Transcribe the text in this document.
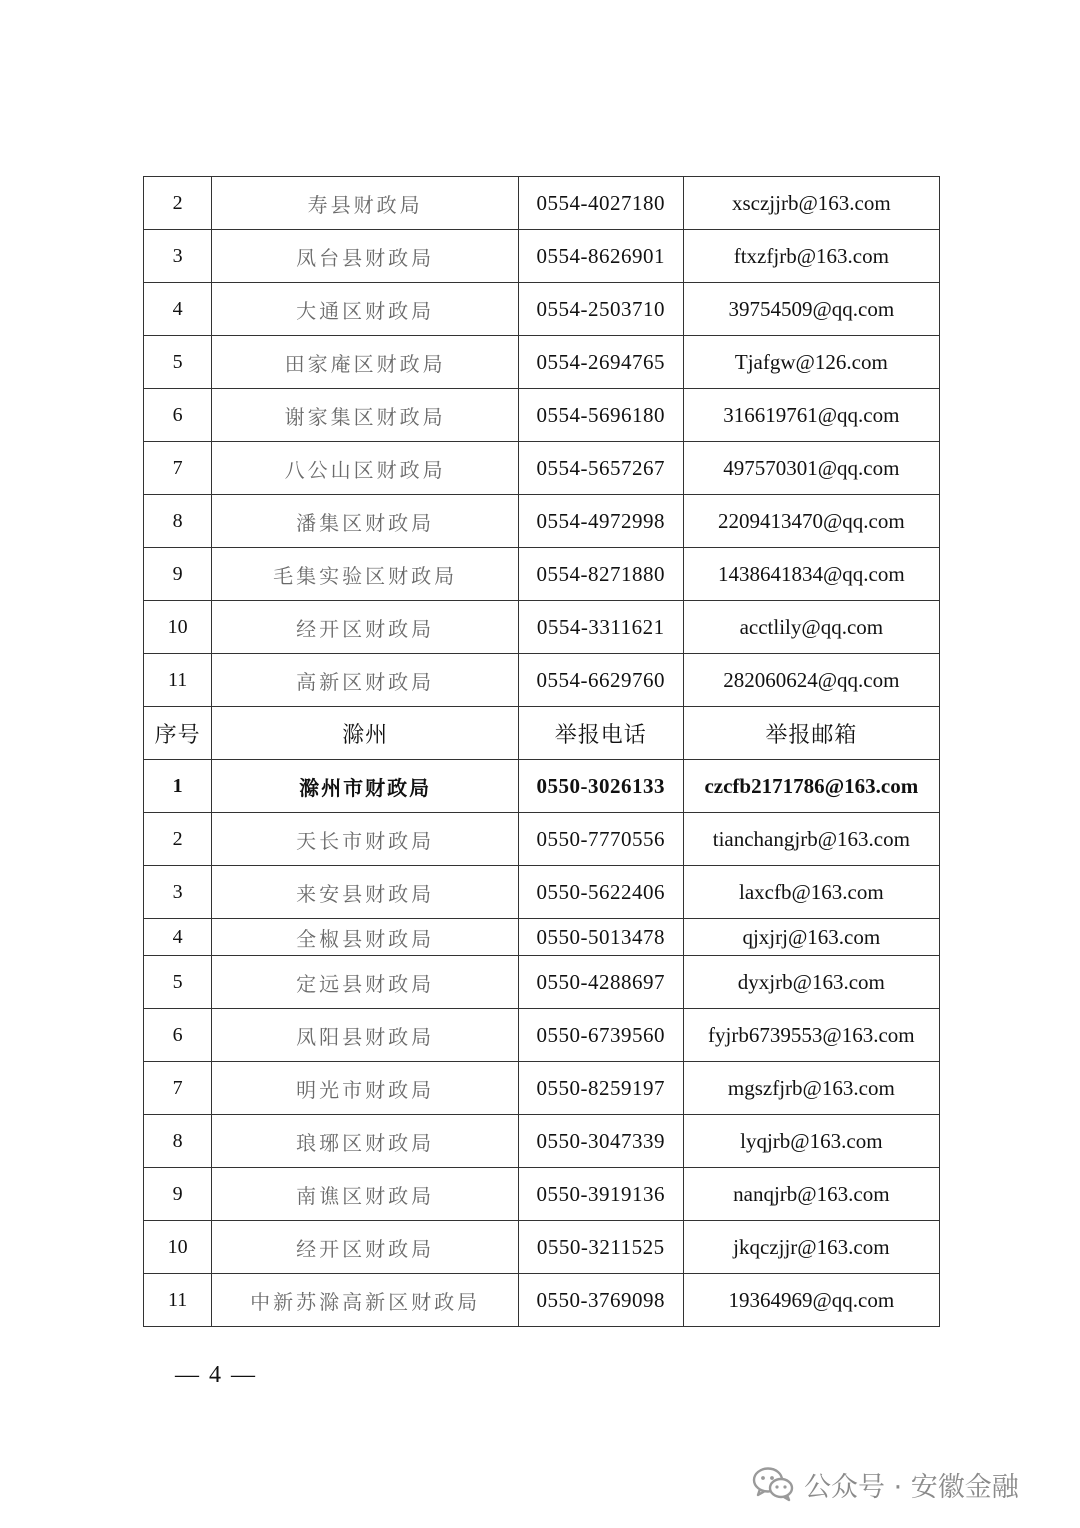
2	寿县财政局	0554-4027180	xsczjjrb@163.com
3	凤台县财政局	0554-8626901	ftxzfjrb@163.com
4	大通区财政局	0554-2503710	39754509@qq.com
5	田家庵区财政局	0554-2694765	Tjafgw@126.com
6	谢家集区财政局	0554-5696180	316619761@qq.com
7	八公山区财政局	0554-5657267	497570301@qq.com
8	潘集区财政局	0554-4972998	2209413470@qq.com
9	毛集实验区财政局	0554-8271880	1438641834@qq.com
10	经开区财政局	0554-3311621	acctlily@qq.com
11	高新区财政局	0554-6629760	282060624@qq.com
序号	滁州	举报电话	举报邮箱
1	滁州市财政局	0550-3026133	czcfb2171786@163.com
2	天长市财政局	0550-7770556	tianchangjrb@163.com
3	来安县财政局	0550-5622406	laxcfb@163.com
4	全椒县财政局	0550-5013478	qjxjrj@163.com
5	定远县财政局	0550-4288697	dyxjrb@163.com
6	凤阳县财政局	0550-6739560	fyjrb6739553@163.com
7	明光市财政局	0550-8259197	mgszfjrb@163.com
8	琅琊区财政局	0550-3047339	lyqjrb@163.com
9	南谯区财政局	0550-3919136	nanqjrb@163.com
10	经开区财政局	0550-3211525	jkqczjjr@163.com
11	中新苏滁高新区财政局	0550-3769098	19364969@qq.com
— 4 —
公众号 · 安徽金融
